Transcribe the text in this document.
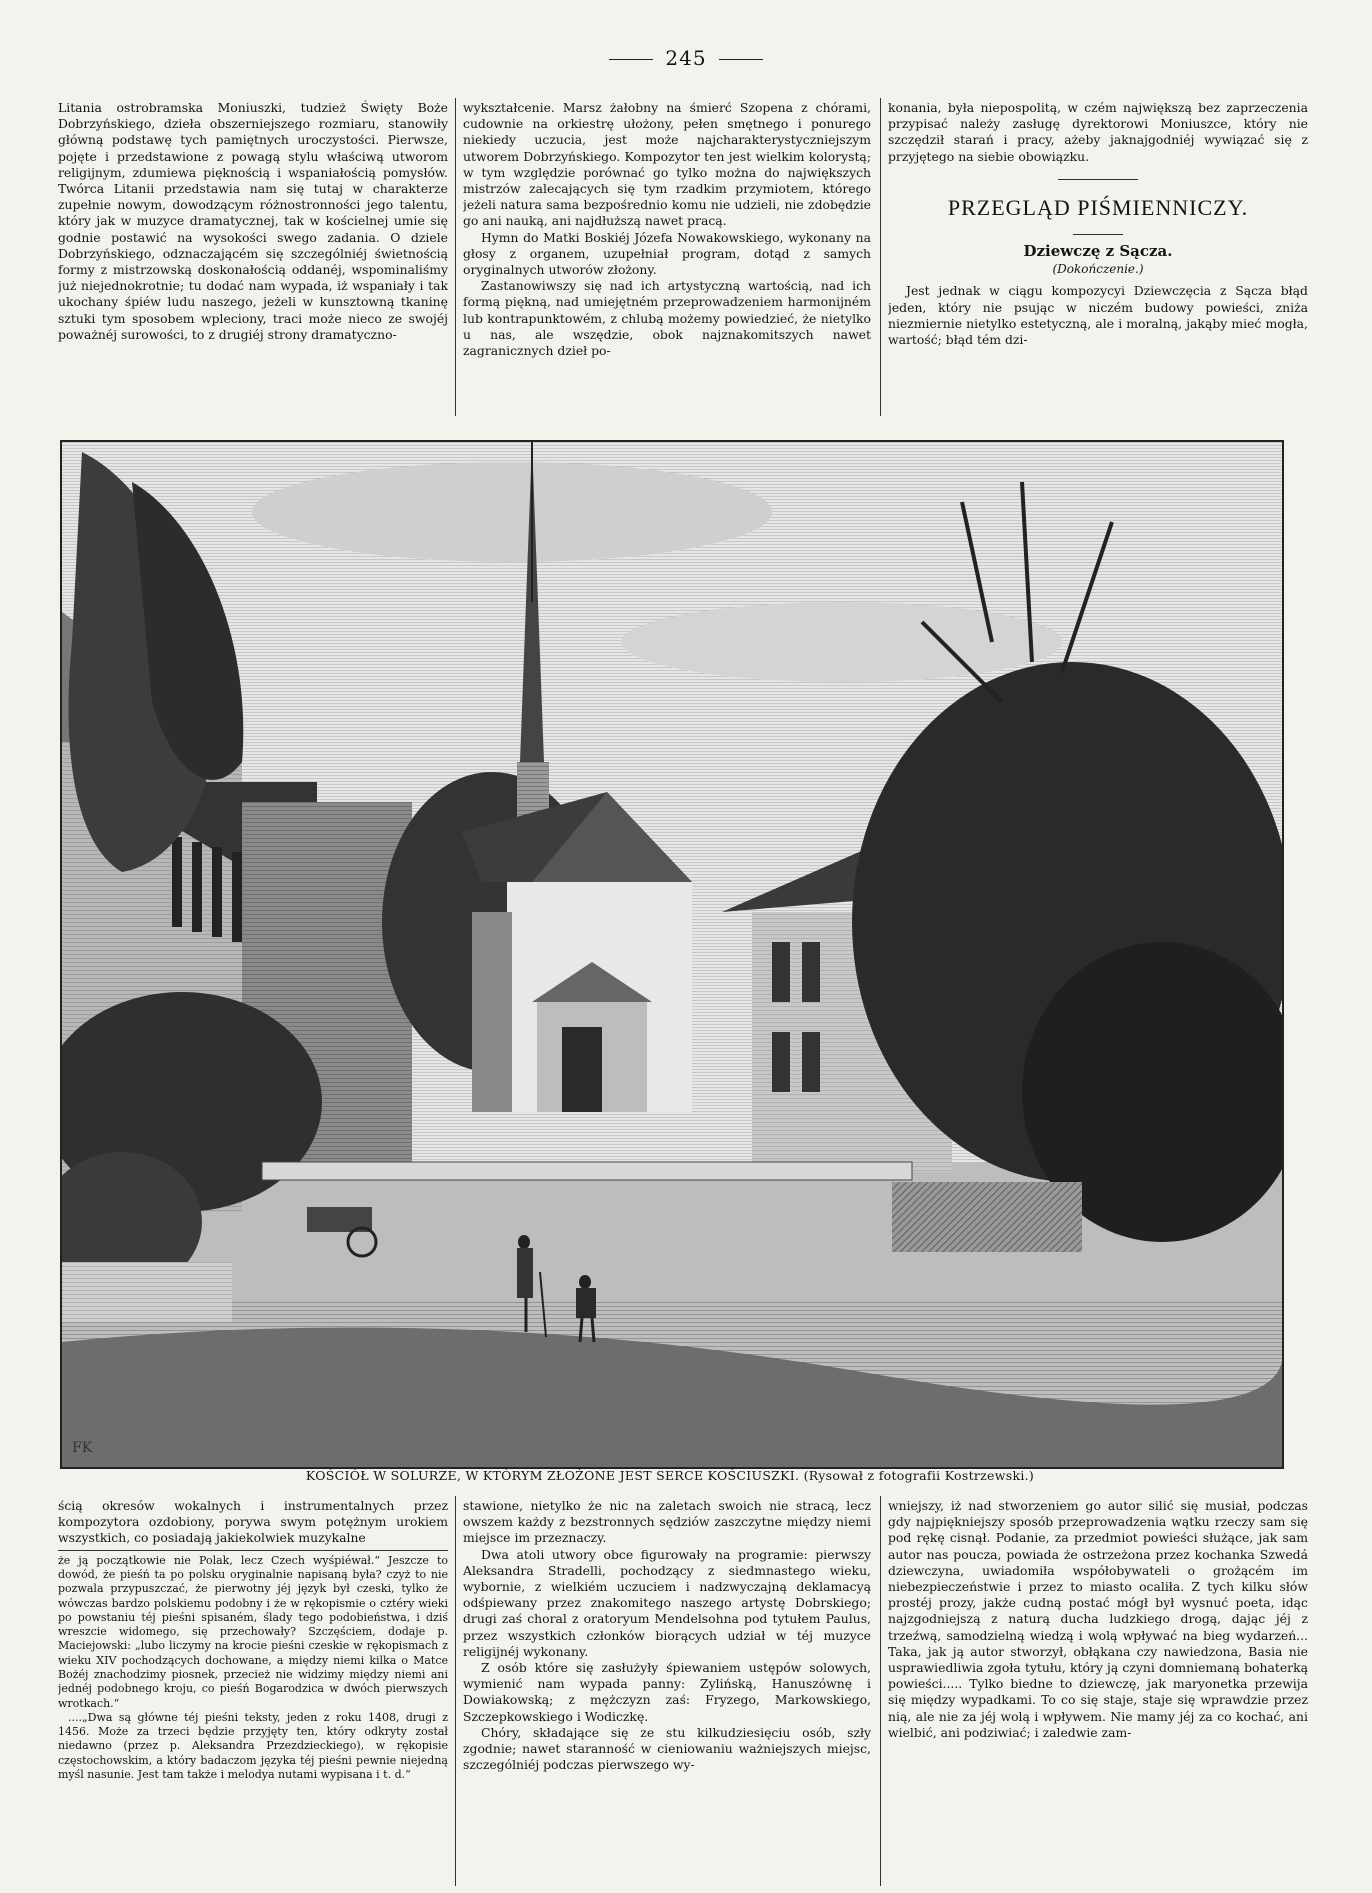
245

Litania ostrobramska Moniuszki, tudzież Święty Boże Dobrzyńskiego, dzieła obszerniejszego rozmiaru, stanowiły główną podstawę tych pamiętnych uroczystości. Pierwsze, pojęte i przedstawione z powagą stylu właściwą utworom religijnym, zdumiewa pięknością i wspaniałością pomysłów. Twórca Litanii przedstawia nam się tutaj w charakterze zupełnie nowym, dowodzącym różnostronności jego talentu, który jak w muzyce dramatycznej, tak w kościelnej umie się godnie postawić na wysokości swego zadania. O dziele Dobrzyńskiego, odznaczającém się szczególniéj świetnością formy z mistrzowską doskonałością oddanéj, wspominaliśmy już niejednokrotnie; tu dodać nam wypada, iż wspaniały i tak ukochany śpiéw ludu naszego, jeżeli w kunsztowną tkaninę sztuki tym sposobem wpleciony, traci może nieco ze swojéj poważnéj surowości, to z drugiéj strony dramatyczno-

wykształcenie. Marsz żałobny na śmierć Szopena z chórami, cudownie na orkiestrę ułożony, pełen smętnego i ponurego niekiedy uczucia, jest może najcharakterystyczniejszym utworem Dobrzyńskiego. Kompozytor ten jest wielkim kolorystą; w tym względzie porównać go tylko można do największych mistrzów zalecających się tym rzadkim przymiotem, którego jeżeli natura sama bezpośrednio komu nie udzieli, nie zdobędzie go ani nauką, ani najdłuższą nawet pracą.

Hymn do Matki Boskiéj Józefa Nowakowskiego, wykonany na głosy z organem, uzupełniał program, dotąd z samych oryginalnych utworów złożony.

Zastanowiwszy się nad ich artystyczną wartością, nad ich formą piękną, nad umiejętném przeprowadzeniem harmonijném lub kontrapunktowém, z chlubą możemy powiedzieć, że nietylko u nas, ale wszędzie, obok najznakomitszych nawet zagranicznych dzieł po-

konania, była niepospolitą, w czém największą bez zaprzeczenia przypisać należy zasługę dyrektorowi Moniuszce, który nie szczędził starań i pracy, ażeby jaknajgodniéj wywiązać się z przyjętego na siebie obowiązku.

PRZEGLĄD PIŚMIENNICZY.
Dziewczę z Sącza.
(Dokończenie.)

Jest jednak w ciągu kompozycyi Dziewczęcia z Sącza błąd jeden, który nie psując w niczém budowy powieści, zniża niezmiernie nietylko estetyczną, ale i moralną, jakąby mieć mogła, wartość; błąd tém dzi-

FK
KOŚCIÓŁ W SOLURZE, W KTÓRYM ZŁOŻONE JEST SERCE KOŚCIUSZKI. (Rysował z fotografii Kostrzewski.)

ścią okresów wokalnych i instrumentalnych przez kompozytora ozdobiony, porywa swym potężnym urokiem wszystkich, co posiadają jakiekolwiek muzykalne

że ją początkowie nie Polak, lecz Czech wyśpiéwał.“ Jeszcze to dowód, że pieśń ta po polsku oryginalnie napisaną była? czyż to nie pozwala przypuszczać, że pierwotny jéj język był czeski, tylko że wówczas bardzo polskiemu podobny i że w rękopismie o cztéry wieki po powstaniu téj pieśni spisaném, ślady tego podobieństwa, i dziś wreszcie widomego, się przechowały? Szczęściem, dodaje p. Maciejowski: „lubo liczymy na krocie pieśni czeskie w rękopismach z wieku XIV pochodzących dochowane, a między niemi kilka o Matce Bożéj znachodzimy piosnek, przecież nie widzimy między niemi ani jednéj podobnego kroju, co pieśń Bogarodzica w dwóch pierwszych wrotkach.“

....„Dwa są główne téj pieśni teksty, jeden z roku 1408, drugi z 1456. Może za trzeci będzie przyjęty ten, który odkryty został niedawno (przez p. Aleksandra Przezdzieckiego), w rękopisie częstochowskim, a który badaczom języka téj pieśni pewnie niejedną myśl nasunie. Jest tam także i melodya nutami wypisana i t. d.“

stawione, nietylko że nic na zaletach swoich nie stracą, lecz owszem każdy z bezstronnych sędziów zaszczytne między niemi miejsce im przeznaczy.

Dwa atoli utwory obce figurowały na programie: pierwszy Aleksandra Stradelli, pochodzący z siedmnastego wieku, wybornie, z wielkiém uczuciem i nadzwyczajną deklamacyą odśpiewany przez znakomitego naszego artystę Dobrskiego; drugi zaś choral z oratoryum Mendelsohna pod tytułem Paulus, przez wszystkich członków biorących udział w téj muzyce religijnéj wykonany.

Z osób które się zasłużyły śpiewaniem ustępów solowych, wymienić nam wypada panny: Zylińską, Hanuszównę i Dowiakowską; z mężczyzn zaś: Fryzego, Markowskiego, Szczepkowskiego i Wodiczkę.

Chóry, składające się ze stu kilkudziesięciu osób, szły zgodnie; nawet staranność w cieniowaniu ważniejszych miejsc, szczególniéj podczas pierwszego wy-

wniejszy, iż nad stworzeniem go autor silić się musiał, podczas gdy najpiękniejszy sposób przeprowadzenia wątku rzeczy sam się pod rękę cisnął. Podanie, za przedmiot powieści służące, jak sam autor nas poucza, powiada że ostrzeżona przez kochanka Szwedá dziewczyna, uwiadomiła współobywateli o grożącém im niebezpieczeństwie i przez to miasto ocaliła. Z tych kilku słów prostéj prozy, jakże cudną postać mógł był wysnuć poeta, idąc najzgodniejszą z naturą ducha ludzkiego drogą, dając jéj z trzeźwą, samodzielną wiedzą i wolą wpływać na bieg wydarzeń... Taka, jak ją autor stworzył, obłąkana czy nawiedzona, Basia nie usprawiedliwia zgoła tytułu, który ją czyni domniemaną bohaterką powieści..... Tylko biedne to dziewczę, jak maryonetka przewija się między wypadkami. To co się staje, staje się wprawdzie przez nią, ale nie za jéj wolą i wpływem. Nie mamy jéj za co kochać, ani wielbić, ani podziwiać; i zaledwie zam-
